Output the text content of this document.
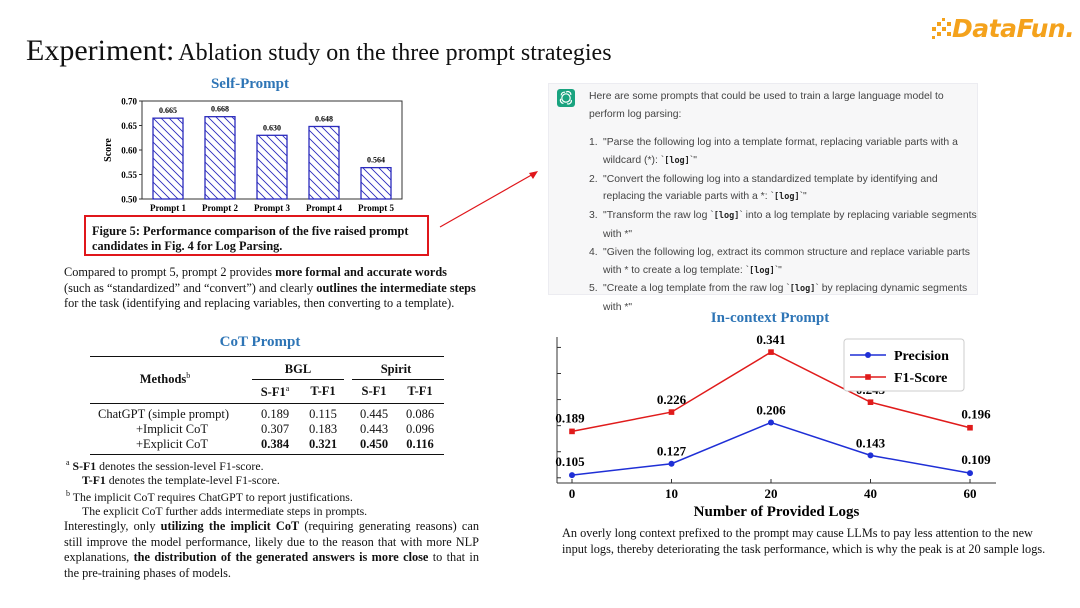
Experiment: Ablation study on the three prompt strategies
DataFun.
Self-Prompt
0.50
0.55
0.60
0.65
0.70
Score
0.665
Prompt 1
0.668
Prompt 2
0.630
Prompt 3
0.648
Prompt 4
0.564
Prompt 5
Figure 5: Performance comparison of the five raised prompt
candidates in Fig. 4 for Log Parsing.
Compared to prompt 5, prompt 2 provides more formal and accurate words (such as “standardized” and “convert”) and clearly outlines the intermediate steps for the task (identifying and replacing variables, then converting to a template).
CoT Prompt
Methods$^b$	BGL	Spirit
S-F1$^a$	T-F1	S-F1	T-F1
ChatGPT (simple prompt)	0.189	0.115	0.445	0.086
+Implicit CoT	0.307	0.183	0.443	0.096
+Explicit CoT	0.384	0.321	0.450	0.116
$^a$ S-F1 denotes the session-level F1-score.
T-F1 denotes the template-level F1-score.
$^b$ The implicit CoT requires ChatGPT to report justifications.
The explicit CoT further adds intermediate steps in prompts.
Interestingly, only utilizing the implicit CoT (requiring generating reasons) can still improve the model performance, likely due to the reason that with more NLP explanations, the distribution of the generated answers is more close to that in the pre-training phases of models.
Here are some prompts that could be used to train a large language model to perform log parsing:
1. "Parse the following log into a template format, replacing variable parts with a wildcard (*): `[log]`"
2. "Convert the following log into a standardized template by identifying and replacing the variable parts with a *: `[log]`"
3. "Transform the raw log `[log]` into a log template by replacing variable segments with *"
4. "Given the following log, extract its common structure and replace variable parts with * to create a log template: `[log]`"
5. "Create a log template from the raw log `[log]` by replacing dynamic segments with *"
In-context Prompt
0	10	20	40	60
Number of Provided Logs
0.105
0.127
0.206
0.143
0.109
0.189
0.226
0.341
0.196
Precision
F1-Score
An overly long context prefixed to the prompt may cause LLMs to pay less attention to the new input logs, thereby deteriorating the task performance, which is why the peak is at 20 sample logs.
